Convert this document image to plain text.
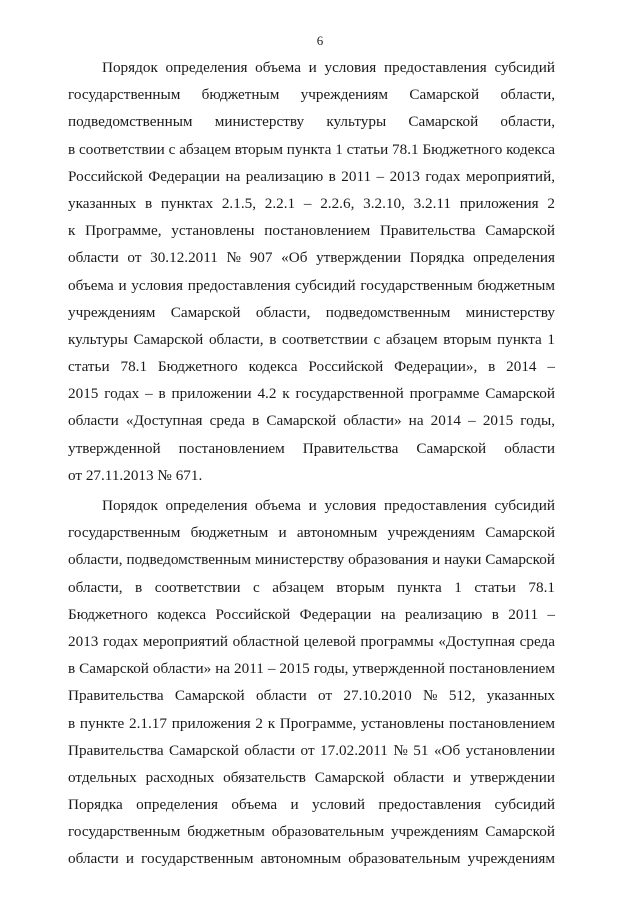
6
Порядок определения объема и условия предоставления субсидий
государственным бюджетным учреждениям Самарской области,
подведомственным министерству культуры Самарской области,
в соответствии с абзацем вторым пункта 1 статьи 78.1 Бюджетного кодекса
Российской Федерации на реализацию в 2011 – 2013 годах мероприятий,
указанных в пунктах 2.1.5, 2.2.1 – 2.2.6, 3.2.10, 3.2.11 приложения 2
к Программе, установлены постановлением Правительства Самарской
области от 30.12.2011 № 907 «Об утверждении Порядка определения
объема и условия предоставления субсидий государственным бюджетным
учреждениям Самарской области, подведомственным министерству
культуры Самарской области, в соответствии с абзацем вторым пункта 1
статьи 78.1 Бюджетного кодекса Российской Федерации», в 2014 –
2015 годах – в приложении 4.2 к государственной программе Самарской
области «Доступная среда в Самарской области» на 2014 – 2015 годы,
утвержденной постановлением Правительства Самарской области
от 27.11.2013 № 671.
Порядок определения объема и условия предоставления субсидий
государственным бюджетным и автономным учреждениям Самарской
области, подведомственным министерству образования и науки Самарской
области, в соответствии с абзацем вторым пункта 1 статьи 78.1
Бюджетного кодекса Российской Федерации на реализацию в 2011 –
2013 годах мероприятий областной целевой программы «Доступная среда
в Самарской области» на 2011 – 2015 годы, утвержденной постановлением
Правительства Самарской области от 27.10.2010 № 512, указанных
в пункте 2.1.17 приложения 2 к Программе, установлены постановлением
Правительства Самарской области от 17.02.2011 № 51 «Об установлении
отдельных расходных обязательств Самарской области и утверждении
Порядка определения объема и условий предоставления субсидий
государственным бюджетным образовательным учреждениям Самарской
области и государственным автономным образовательным учреждениям
